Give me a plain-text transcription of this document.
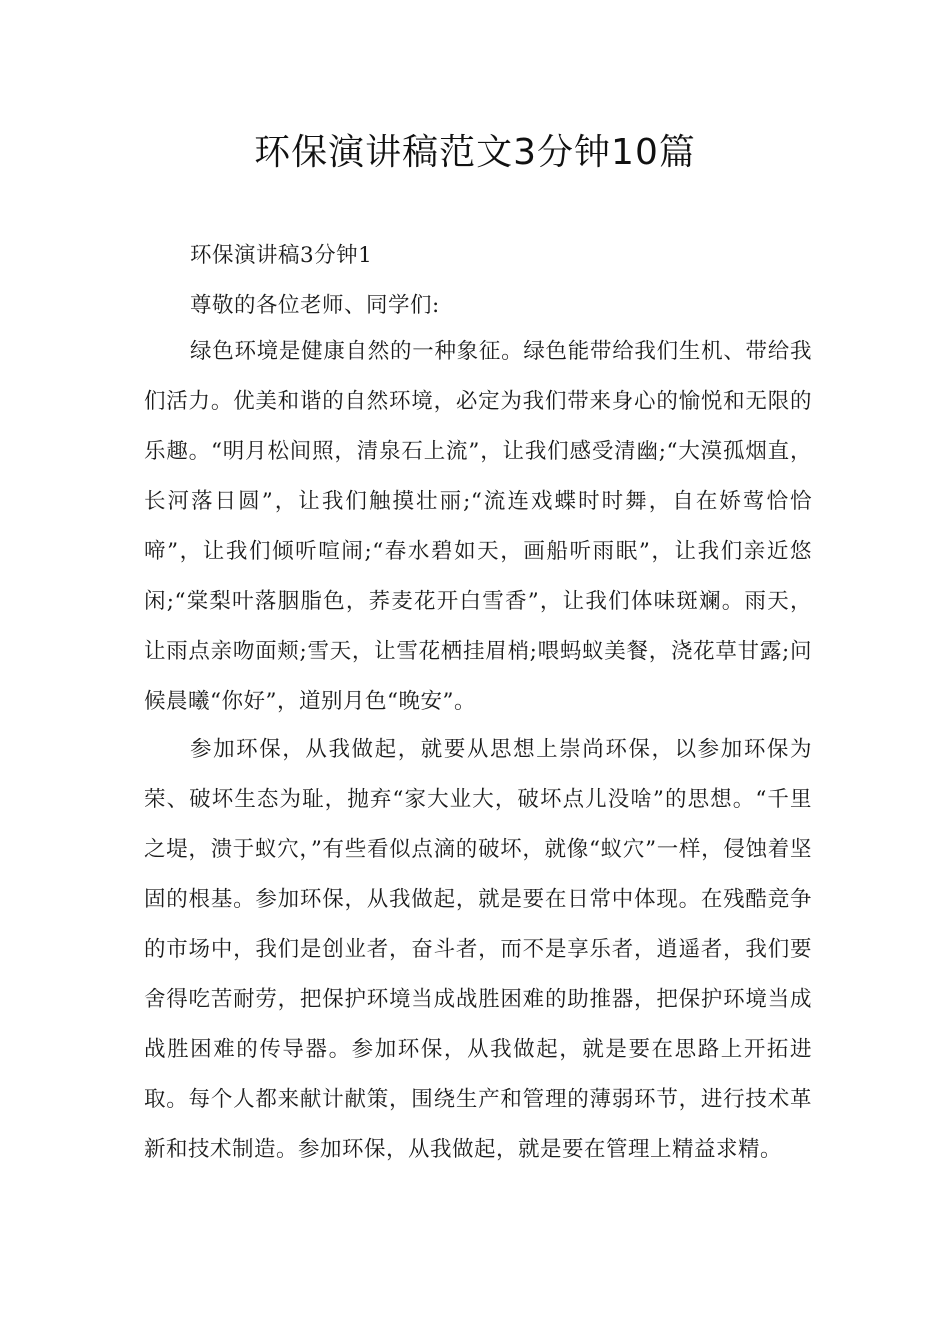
环保演讲稿范文3分钟10篇

环保演讲稿3分钟1

尊敬的各位老师、同学们:

绿色环境是健康自然的一种象征。绿色能带给我们生机、带给我们活力。优美和谐的自然环境，必定为我们带来身心的愉悦和无限的乐趣。“明月松间照，清泉石上流”，让我们感受清幽;“大漠孤烟直，长河落日圆”，让我们触摸壮丽;“流连戏蝶时时舞，自在娇莺恰恰啼”，让我们倾听喧闹;“春水碧如天，画船听雨眠”，让我们亲近悠闲;“棠梨叶落胭脂色，荞麦花开白雪香”，让我们体味斑斓。雨天，让雨点亲吻面颊;雪天，让雪花栖挂眉梢;喂蚂蚁美餐，浇花草甘露;问候晨曦“你好”，道别月色“晚安”。

参加环保，从我做起，就要从思想上崇尚环保，以参加环保为荣、破坏生态为耻，抛弃“家大业大，破坏点儿没啥”的思想。“千里之堤，溃于蚁穴，”有些看似点滴的破坏，就像“蚁穴”一样，侵蚀着坚固的根基。参加环保，从我做起，就是要在日常中体现。在残酷竞争的市场中，我们是创业者，奋斗者，而不是享乐者，逍遥者，我们要舍得吃苦耐劳，把保护环境当成战胜困难的助推器，把保护环境当成战胜困难的传导器。参加环保，从我做起，就是要在思路上开拓进取。每个人都来献计献策，围绕生产和管理的薄弱环节，进行技术革新和技术制造。参加环保，从我做起，就是要在管理上精益求精。
